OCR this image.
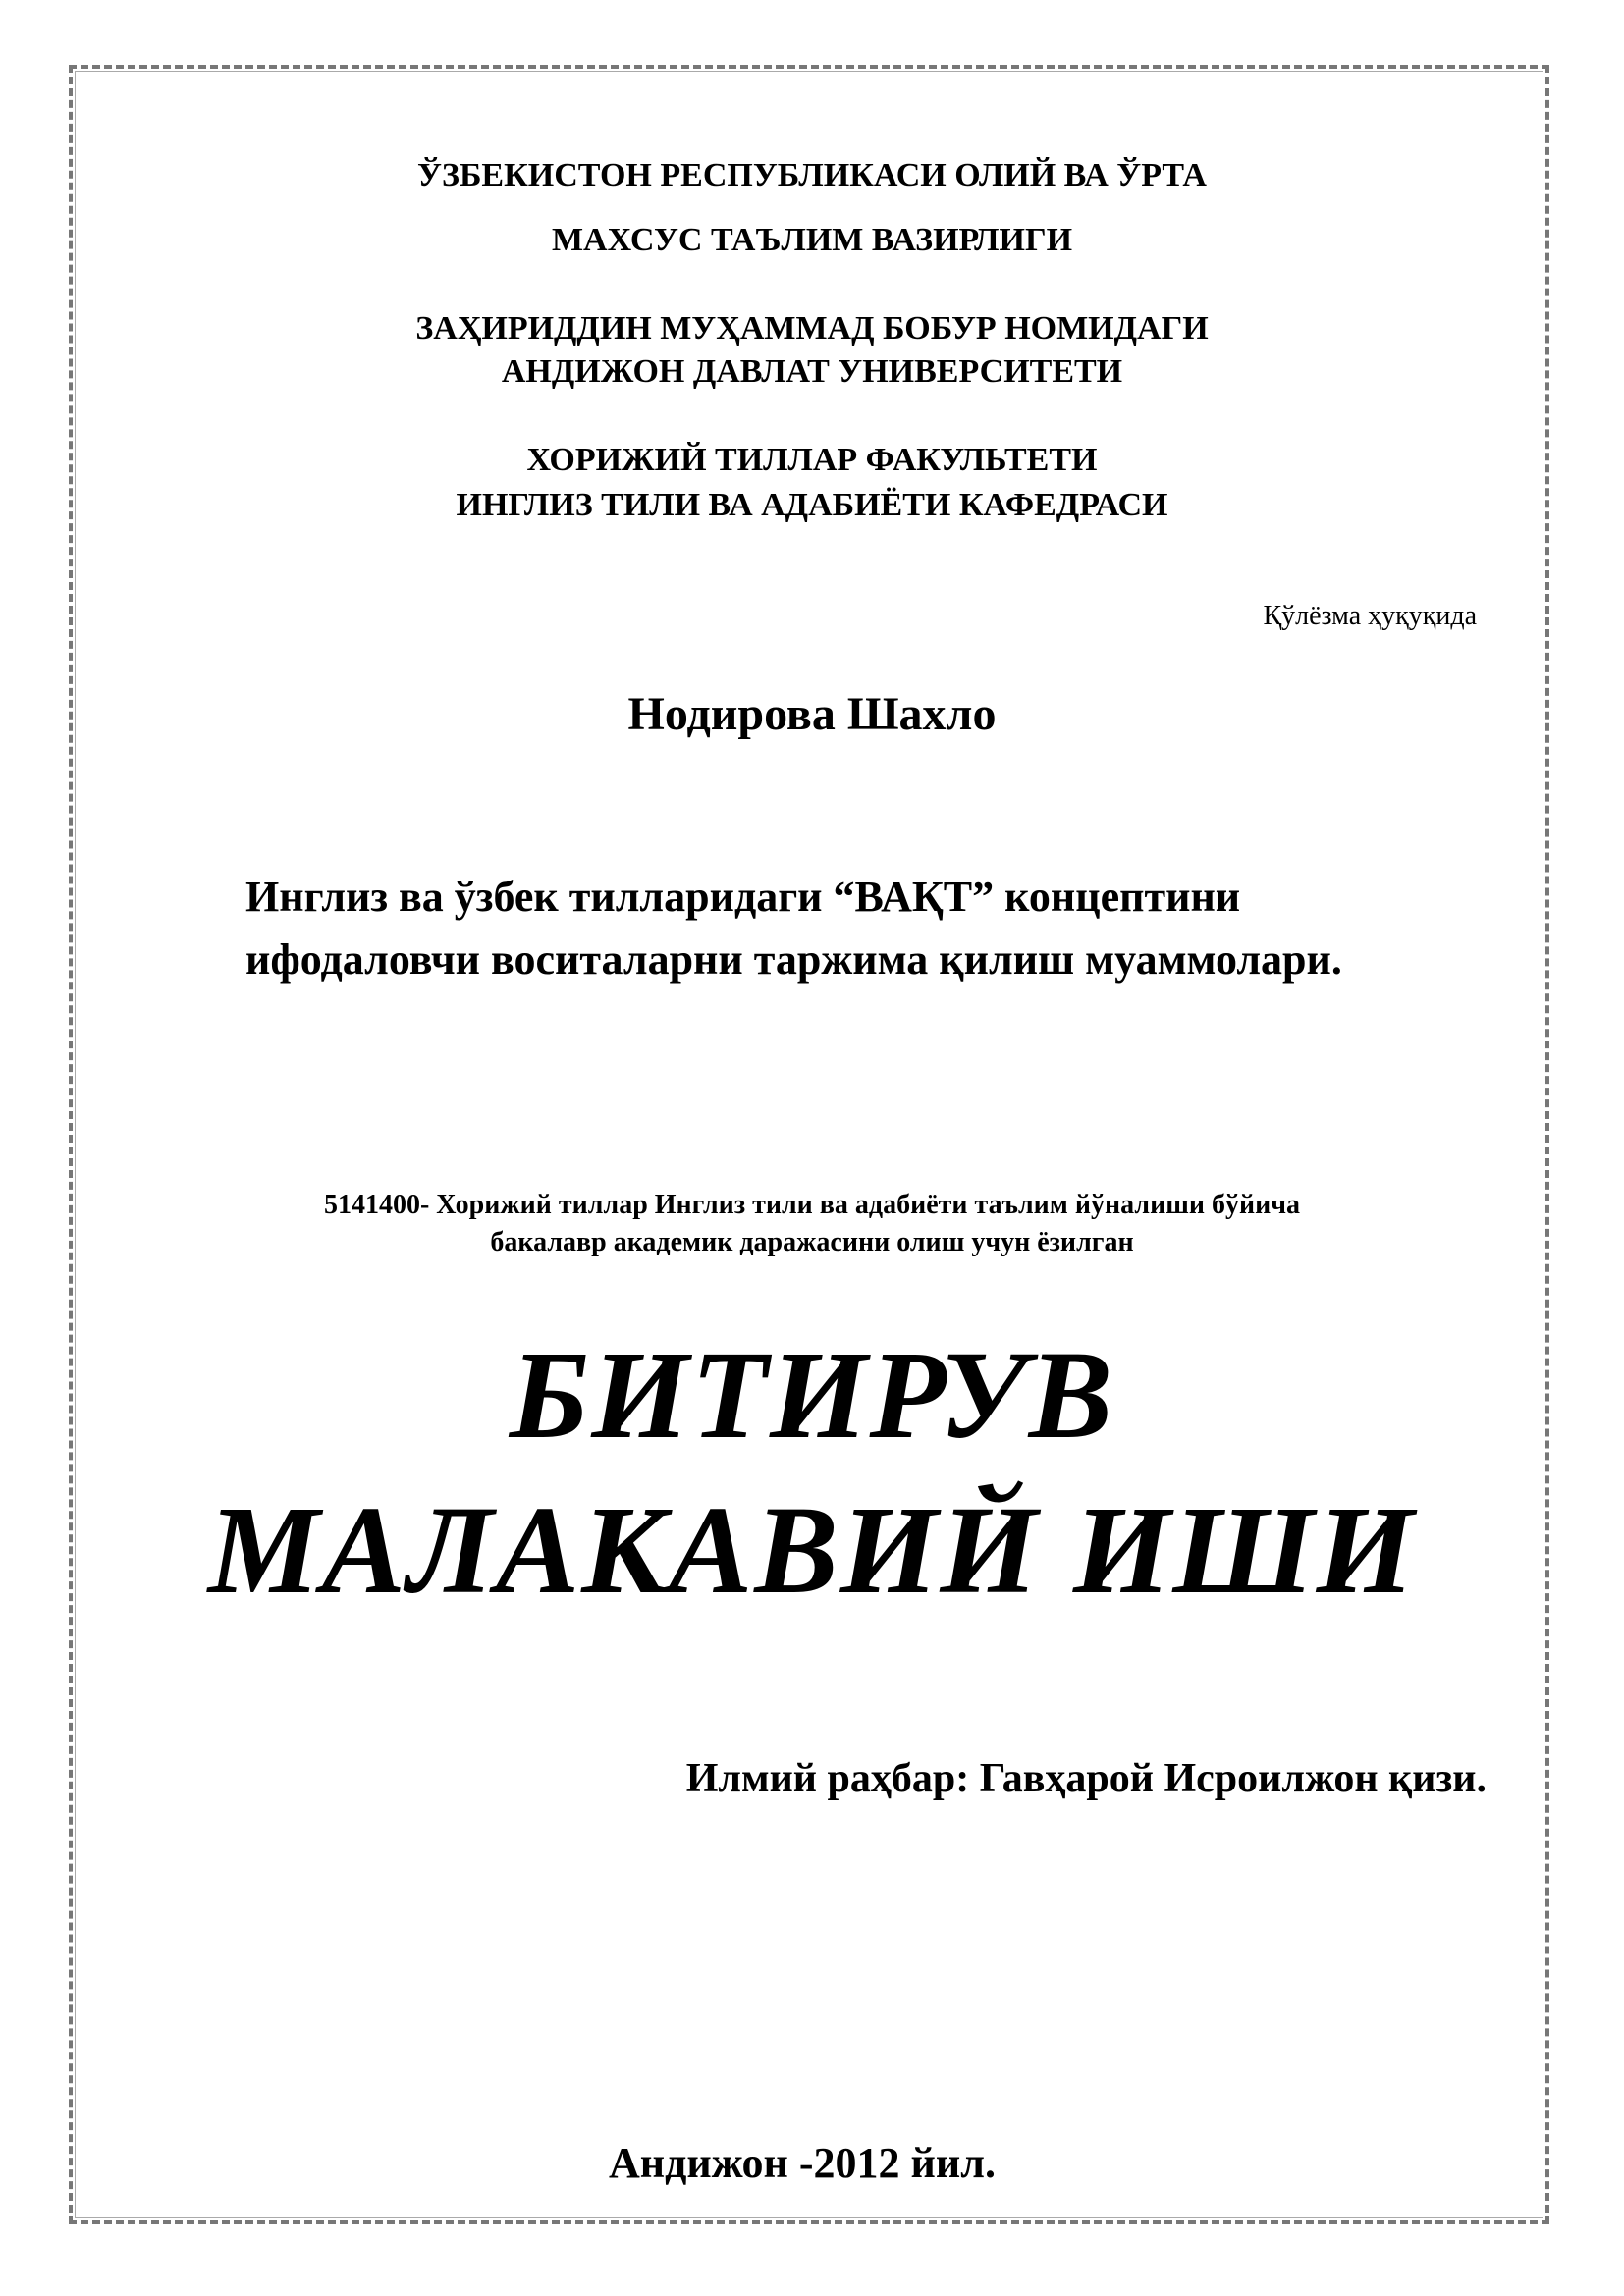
ЎЗБЕКИСТОН РЕСПУБЛИКАСИ ОЛИЙ ВА ЎРТА
МАХСУС ТАЪЛИМ ВАЗИРЛИГИ
ЗАҲИРИДДИН МУҲАММАД БОБУР НОМИДАГИ
АНДИЖОН ДАВЛАТ УНИВЕРСИТЕТИ
ХОРИЖИЙ ТИЛЛАР ФАКУЛЬТЕТИ
ИНГЛИЗ ТИЛИ ВА АДАБИЁТИ КАФЕДРАСИ
Қўлёзма ҳуқуқида
Нодирова Шахло
Инглиз ва ўзбек тилларидаги “ВАҚТ” концептини
ифодаловчи воситаларни таржима қилиш муаммолари.
5141400- Хорижий тиллар Инглиз тили ва адабиёти таълим йўналиши бўйича
бакалавр академик даражасини олиш учун ёзилган
БИТИРУВ
МАЛАКАВИЙ ИШИ
Илмий раҳбар: Гавҳарой Исроилжон қизи.
Андижон -2012 йил.
